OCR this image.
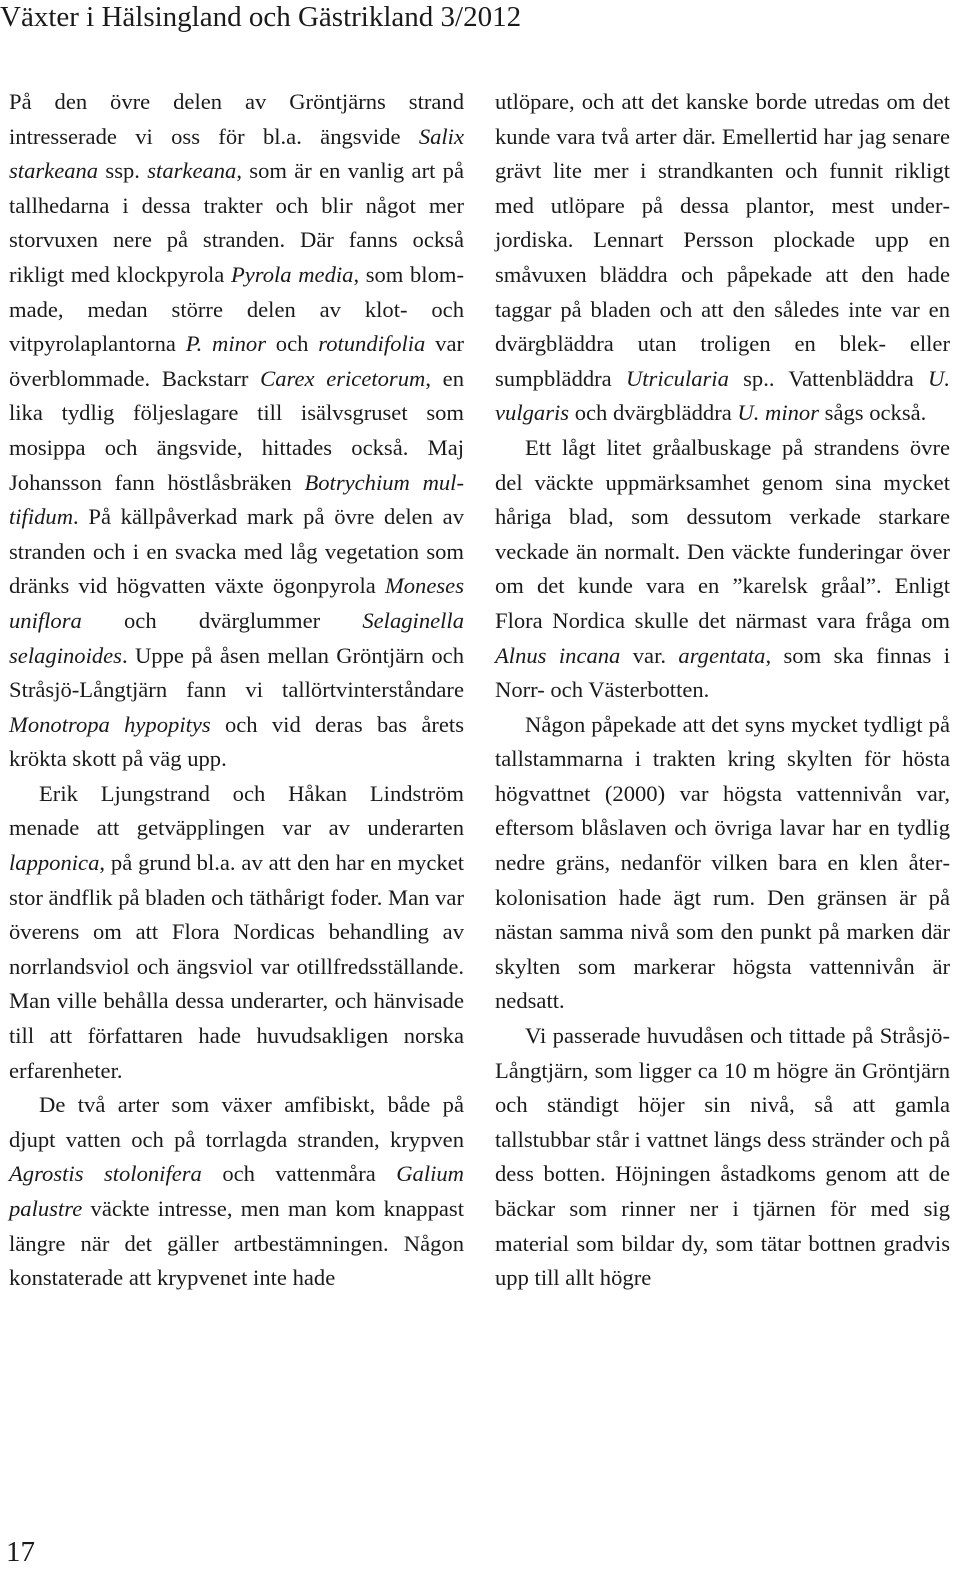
Växter i Hälsingland och Gästrikland 3/2012

På den övre delen av Gröntjärns strand intresserade vi oss för bl.a. ängsvide Salix starkeana ssp. starkeana, som är en vanlig art på tallhedarna i dessa trakter och blir något mer storvuxen nere på stranden. Där fanns också rikligt med klockpyrola Pyrola media, som blommade, medan större delen av klot- och vitpyrolaplantorna P. minor och rotundifolia var överblommade. Backstarr Carex ericetorum, en lika tydlig följeslagare till isälvsgruset som mosippa och ängsvide, hittades också. Maj Johansson fann höstlåsbräken Botrychium multifidum. På källpåverkad mark på övre delen av stranden och i en svacka med låg vegetation som dränks vid högvatten växte ögonpyrola Moneses uniflora och dvärglummer Selaginella selaginoides. Uppe på åsen mellan Gröntjärn och Stråsjö-Långtjärn fann vi tallörtvinterståndare Monotropa hypopitys och vid deras bas årets krökta skott på väg upp.

Erik Ljungstrand och Håkan Lindström menade att getväpplingen var av underarten lapponica, på grund bl.a. av att den har en mycket stor ändflik på bladen och täthårigt foder. Man var överens om att Flora Nordicas behandling av norrlandsviol och ängsviol var otillfredsställande. Man ville behålla dessa underarter, och hänvisade till att författaren hade huvudsakligen norska erfarenheter.

De två arter som växer amfibiskt, både på djupt vatten och på torrlagda stranden, krypven Agrostis stolonifera och vattenmåra Galium palustre väckte intresse, men man kom knappast längre när det gäller artbestämningen. Någon konstaterade att krypvenet inte hade

utlöpare, och att det kanske borde utredas om det kunde vara två arter där. Emellertid har jag senare grävt lite mer i strandkanten och funnit rikligt med utlöpare på dessa plantor, mest underjordiska. Lennart Persson plockade upp en småvuxen bläddra och påpekade att den hade taggar på bladen och att den således inte var en dvärgbläddra utan troligen en blek- eller sumpbläddra Utricularia sp.. Vattenbläddra U. vulgaris och dvärgbläddra U. minor sågs också.

Ett lågt litet gråalbuskage på strandens övre del väckte uppmärksamhet genom sina mycket håriga blad, som dessutom verkade starkare veckade än normalt. Den väckte funderingar över om det kunde vara en ”karelsk gråal”. Enligt Flora Nordica skulle det närmast vara fråga om Alnus incana var. argentata, som ska finnas i Norr- och Västerbotten.

Någon påpekade att det syns mycket tydligt på tallstammarna i trakten kring skylten för hösta högvattnet (2000) var högsta vattennivån var, eftersom blåslaven och övriga lavar har en tydlig nedre gräns, nedanför vilken bara en klen återkolonisation hade ägt rum. Den gränsen är på nästan samma nivå som den punkt på marken där skylten som markerar högsta vattennivån är nedsatt.

Vi passerade huvudåsen och tittade på Stråsjö-Långtjärn, som ligger ca 10 m högre än Gröntjärn och ständigt höjer sin nivå, så att gamla tallstubbar står i vattnet längs dess stränder och på dess botten. Höjningen åstadkoms genom att de bäckar som rinner ner i tjärnen för med sig material som bildar dy, som tätar bottnen gradvis upp till allt högre

17
